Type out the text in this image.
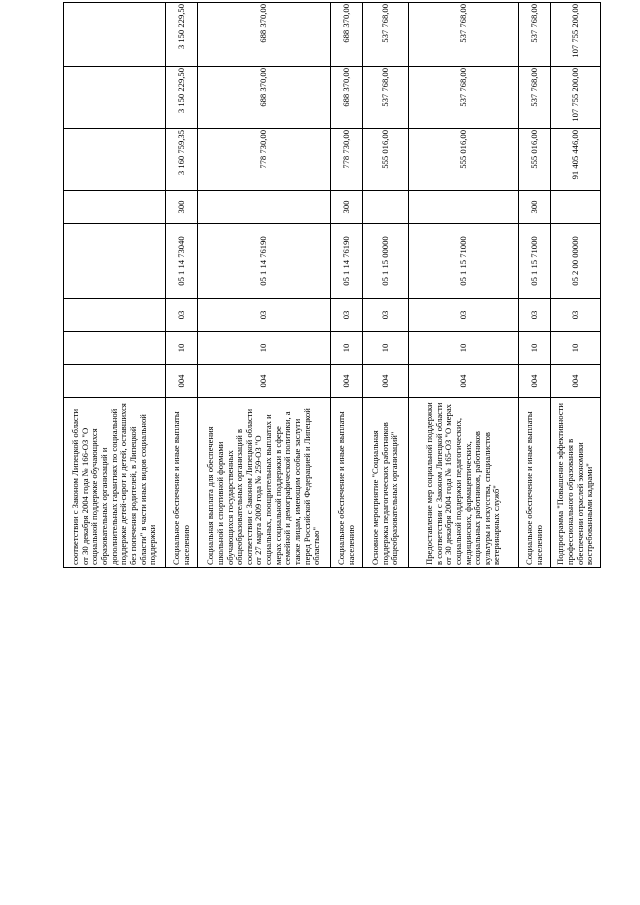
соответствии с Законом Липецкой области от 30 декабря 2004 года № 166-ОЗ "О социальной поддержке обучающихся образовательных организаций и дополнительных гарантиях по социальной поддержке детей-сирот и детей, оставшихся без попечения родителей, в Липецкой области" в части иных видов социальной поддержки								
Социальное обеспечение и иные выплаты населению	004	10	03	05 1 14 73040	300	3 160 759,35	3 150 229,50	3 150 229,50
Социальная выплата для обеспечения школьной и спортивной формами обучающихся государственных общеобразовательных организаций в соответствии с Законом Липецкой области от 27 марта 2009 года № 259-ОЗ "О социальных, поощрительных выплатах и мерах социальной поддержки в сфере семейной и демографической политики, а также лицам, имеющим особые заслуги перед Российской Федерацией и Липецкой областью"	004	10	03	05 1 14 76190		778 730,00	688 370,00	688 370,00
Социальное обеспечение и иные выплаты населению	004	10	03	05 1 14 76190	300	778 730,00	688 370,00	688 370,00
Основное мероприятие "Социальная поддержка педагогических работников общеобразовательных организаций"	004	10	03	05 1 15 00000		555 016,00	537 768,00	537 768,00
Предоставление мер социальной поддержки в соответствии с Законом Липецкой области от 30 декабря 2004 года № 165-ОЗ "О мерах социальной поддержки педагогических, медицинских, фармацевтических, социальных работников, работников культуры и искусства, специалистов ветеринарных служб"	004	10	03	05 1 15 71000		555 016,00	537 768,00	537 768,00
Социальное обеспечение и иные выплаты населению	004	10	03	05 1 15 71000	300	555 016,00	537 768,00	537 768,00
Подпрограмма "Повышение эффективности профессионального образования в обеспечении отраслей экономики востребованными кадрами"	004	10	03	05 2 00 00000		91 405 446,00	107 755 200,00	107 755 200,00
